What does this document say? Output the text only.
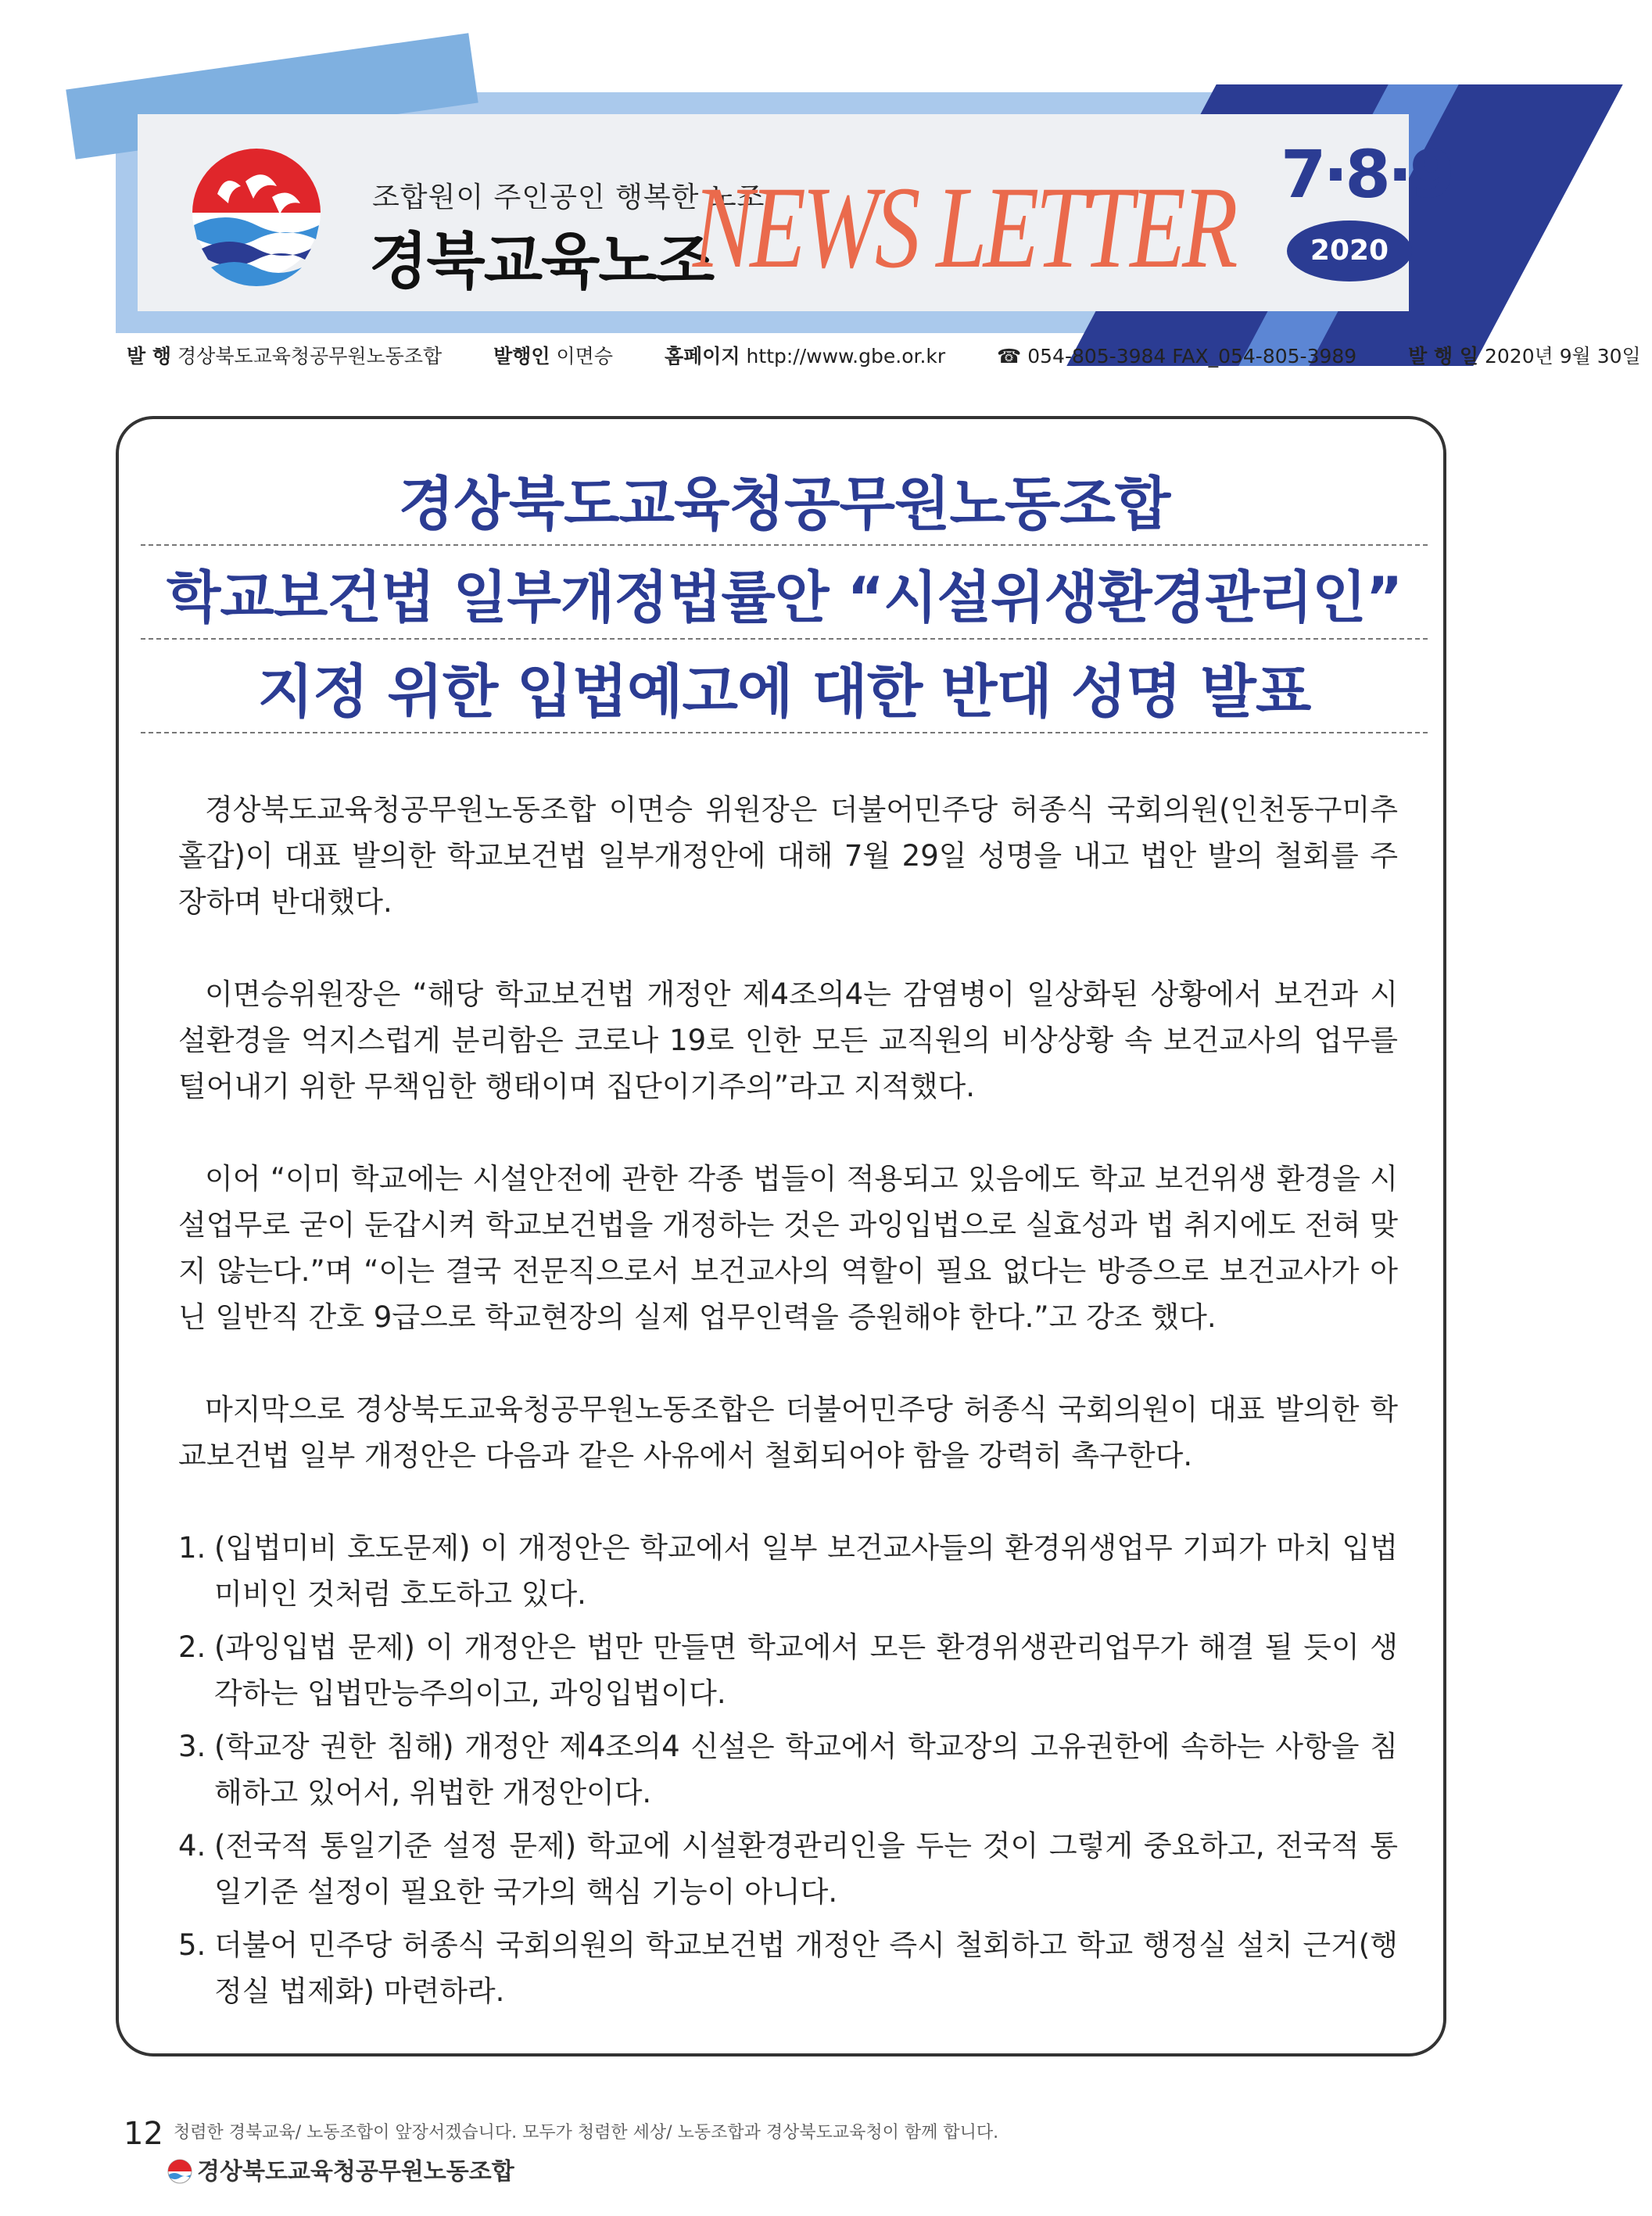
조합원이 주인공인 행복한 노조
경북교육노조
NEWS LETTER 7·8·9
2020
발 행 경상북도교육청공무원노동조합	발행인 이면승	홈페이지 http://www.gbe.or.kr	☎ 054-805-3984 FAX_054-805-3989	발 행 일 2020년 9월 30일
경상북도교육청공무원노동조합
학교보건법 일부개정법률안 “시설위생환경관리인”
지정 위한 입법예고에 대한 반대 성명 발표

경상북도교육청공무원노동조합 이면승 위원장은 더불어민주당 허종식 국회의원(인천동구미추홀갑)이 대표 발의한 학교보건법 일부개정안에 대해 7월 29일 성명을 내고 법안 발의 철회를 주장하며 반대했다.

이면승위원장은 “해당 학교보건법 개정안 제4조의4는 감염병이 일상화된 상황에서 보건과 시설환경을 억지스럽게 분리함은 코로나 19로 인한 모든 교직원의 비상상황 속 보건교사의 업무를 털어내기 위한 무책임한 행태이며 집단이기주의”라고 지적했다.

이어 “이미 학교에는 시설안전에 관한 각종 법들이 적용되고 있음에도 학교 보건위생 환경을 시설업무로 굳이 둔갑시켜 학교보건법을 개정하는 것은 과잉입법으로 실효성과 법 취지에도 전혀 맞지 않는다.”며 “이는 결국 전문직으로서 보건교사의 역할이 필요 없다는 방증으로 보건교사가 아닌 일반직 간호 9급으로 학교현장의 실제 업무인력을 증원해야 한다.”고 강조 했다.

마지막으로 경상북도교육청공무원노동조합은 더불어민주당 허종식 국회의원이 대표 발의한 학교보건법 일부 개정안은 다음과 같은 사유에서 철회되어야 함을 강력히 촉구한다.

1. (입법미비 호도문제) 이 개정안은 학교에서 일부 보건교사들의 환경위생업무 기피가 마치 입법미비인 것처럼 호도하고 있다.
2. (과잉입법 문제) 이 개정안은 법만 만들면 학교에서 모든 환경위생관리업무가 해결 될 듯이 생각하는 입법만능주의이고, 과잉입법이다.
3. (학교장 권한 침해) 개정안 제4조의4 신설은 학교에서 학교장의 고유권한에 속하는 사항을 침해하고 있어서, 위법한 개정안이다.
4. (전국적 통일기준 설정 문제) 학교에 시설환경관리인을 두는 것이 그렇게 중요하고, 전국적 통일기준 설정이 필요한 국가의 핵심 기능이 아니다.
5. 더불어 민주당 허종식 국회의원의 학교보건법 개정안 즉시 철회하고 학교 행정실 설치 근거(행정실 법제화) 마련하라.
12 청렴한 경북교육/ 노동조합이 앞장서겠습니다. 모두가 청렴한 세상/ 노동조합과 경상북도교육청이 함께 합니다.
경상북도교육청공무원노동조합
